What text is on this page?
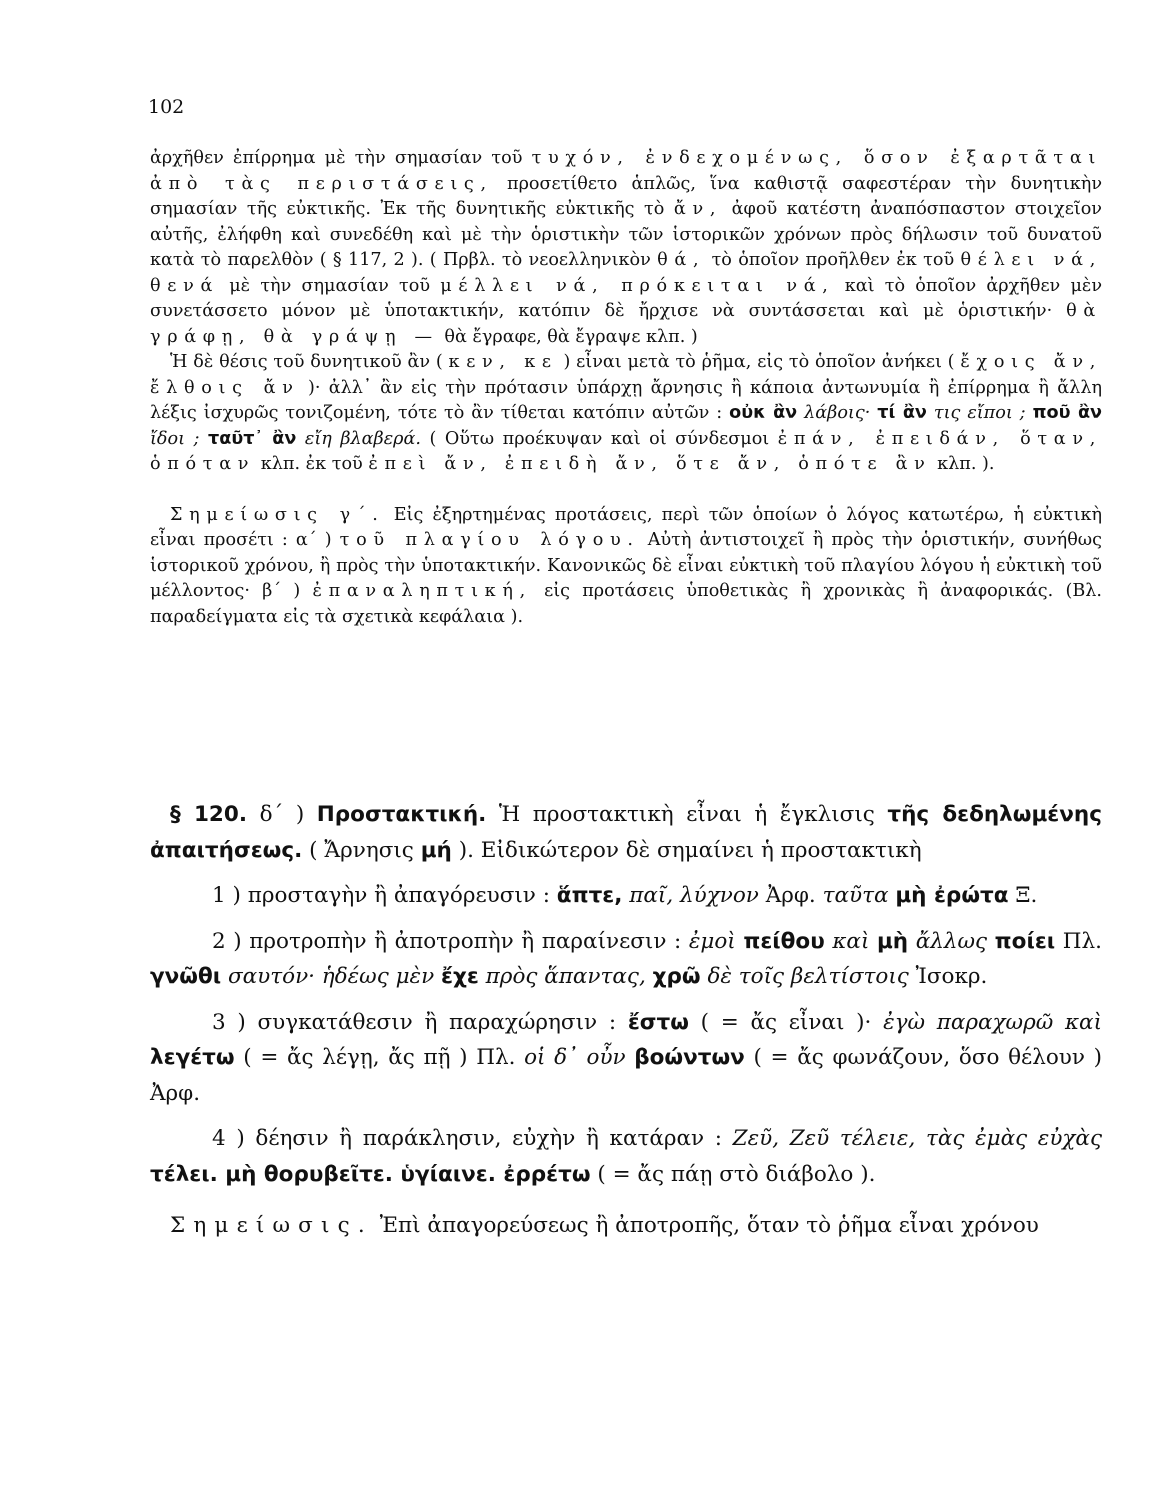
102

ἀρχῆθεν ἐπίρρημα μὲ τὴν σημασίαν τοῦ τυχόν, ἐνδεχομένως, ὅσον ἐξαρτᾶται ἀπὸ τὰς περιστάσεις, προσετίθετο ἁπλῶς, ἵνα καθιστᾷ σαφεστέραν τὴν δυνητικὴν σημασίαν τῆς εὐκτικῆς. Ἐκ τῆς δυνητικῆς εὐκτικῆς τὸ ἄν, ἀφοῦ κατέστη ἀναπόσπαστον στοιχεῖον αὐτῆς, ἐλήφθη καὶ συνεδέθη καὶ μὲ τὴν ὁριστικὴν τῶν ἱστορικῶν χρόνων πρὸς δήλωσιν τοῦ δυνατοῦ κατὰ τὸ παρελθὸν ( § 117, 2 ). ( Πρβλ. τὸ νεοελληνικὸν θά, τὸ ὁποῖον προῆλθεν ἐκ τοῦ θέλει νά, θενά μὲ τὴν σημασίαν τοῦ μέλλει νά, πρόκειται νά, καὶ τὸ ὁποῖον ἀρχῆθεν μὲν συνετάσσετο μόνον μὲ ὑποτακτικήν, κατόπιν δὲ ἤρχισε νὰ συντάσσεται καὶ μὲ ὁριστικήν· θὰ γράφῃ, θὰ γράψῃ — θὰ ἔγραφε, θὰ ἔγραψε κλπ. )

Ἡ δὲ θέσις τοῦ δυνητικοῦ ἂν ( κεν, κε ) εἶναι μετὰ τὸ ῥῆμα, εἰς τὸ ὁποῖον ἀνήκει ( ἔχοις ἄν, ἔλθοις ἄν )· ἀλλ᾽ ἂν εἰς τὴν πρότασιν ὑπάρχῃ ἄρνησις ἢ κάποια ἀντωνυμία ἢ ἐπίρρημα ἢ ἄλλη λέξις ἰσχυρῶς τονιζομένη, τότε τὸ ἂν τίθεται κατόπιν αὐτῶν : οὐκ ἂν λάβοις· τί ἂν τις εἴποι ; ποῦ ἂν ἴδοι ; ταῦτ᾽ ἂν εἴη βλαβερά. ( Οὕτω προέκυψαν καὶ οἱ σύνδεσμοι ἐπάν, ἐπειδάν, ὅταν, ὁπόταν κλπ. ἐκ τοῦ ἐπεὶ ἄν, ἐπειδὴ ἄν, ὅτε ἄν, ὁπότε ἂν κλπ. ).

Σημείωσις γ΄. Εἰς ἐξηρτημένας προτάσεις, περὶ τῶν ὁποίων ὁ λόγος κατωτέρω, ἡ εὐκτικὴ εἶναι προσέτι : α΄ ) τοῦ πλαγίου λόγου. Αὐτὴ ἀντιστοιχεῖ ἢ πρὸς τὴν ὁριστικήν, συνήθως ἱστορικοῦ χρόνου, ἢ πρὸς τὴν ὑποτακτικήν. Κανονικῶς δὲ εἶναι εὐκτικὴ τοῦ πλαγίου λόγου ἡ εὐκτικὴ τοῦ μέλλοντος· β΄ ) ἐπαναληπτική, εἰς προτάσεις ὑποθετικὰς ἢ χρονικὰς ἢ ἀναφορικάς. (Βλ. παραδείγματα εἰς τὰ σχετικὰ κεφάλαια ).

§ 120. δ΄ ) Προστακτική. Ἡ προστακτικὴ εἶναι ἡ ἔγκλισις τῆς δεδηλωμένης ἀπαιτήσεως. ( Ἄρνησις μή ). Εἰδικώτερον δὲ σημαίνει ἡ προστακτικὴ

1 ) προσταγὴν ἢ ἀπαγόρευσιν : ἅπτε, παῖ, λύχνον Ἀρφ. ταῦτα μὴ ἐρώτα Ξ.

2 ) προτροπὴν ἢ ἀποτροπὴν ἢ παραίνεσιν : ἐμοὶ πείθου καὶ μὴ ἄλλως ποίει Πλ. γνῶθι σαυτόν· ἡδέως μὲν ἔχε πρὸς ἅπαντας, χρῶ δὲ τοῖς βελτίστοις Ἰσοκρ.

3 ) συγκατάθεσιν ἢ παραχώρησιν : ἔστω ( = ἄς εἶναι )· ἐγὼ παραχωρῶ καὶ λεγέτω ( = ἄς λέγῃ, ἄς πῇ ) Πλ. οἱ δ᾽ οὖν βοώντων ( = ἄς φωνάζουν, ὅσο θέλουν ) Ἀρφ.

4 ) δέησιν ἢ παράκλησιν, εὐχὴν ἢ κατάραν : Ζεῦ, Ζεῦ τέλειε, τὰς ἐμὰς εὐχὰς τέλει. μὴ θορυβεῖτε. ὑγίαινε. ἐρρέτω ( = ἄς πάῃ στὸ διάβολο ).

Σημείωσις. Ἐπὶ ἀπαγορεύσεως ἢ ἀποτροπῆς, ὅταν τὸ ῥῆμα εἶναι χρόνου
